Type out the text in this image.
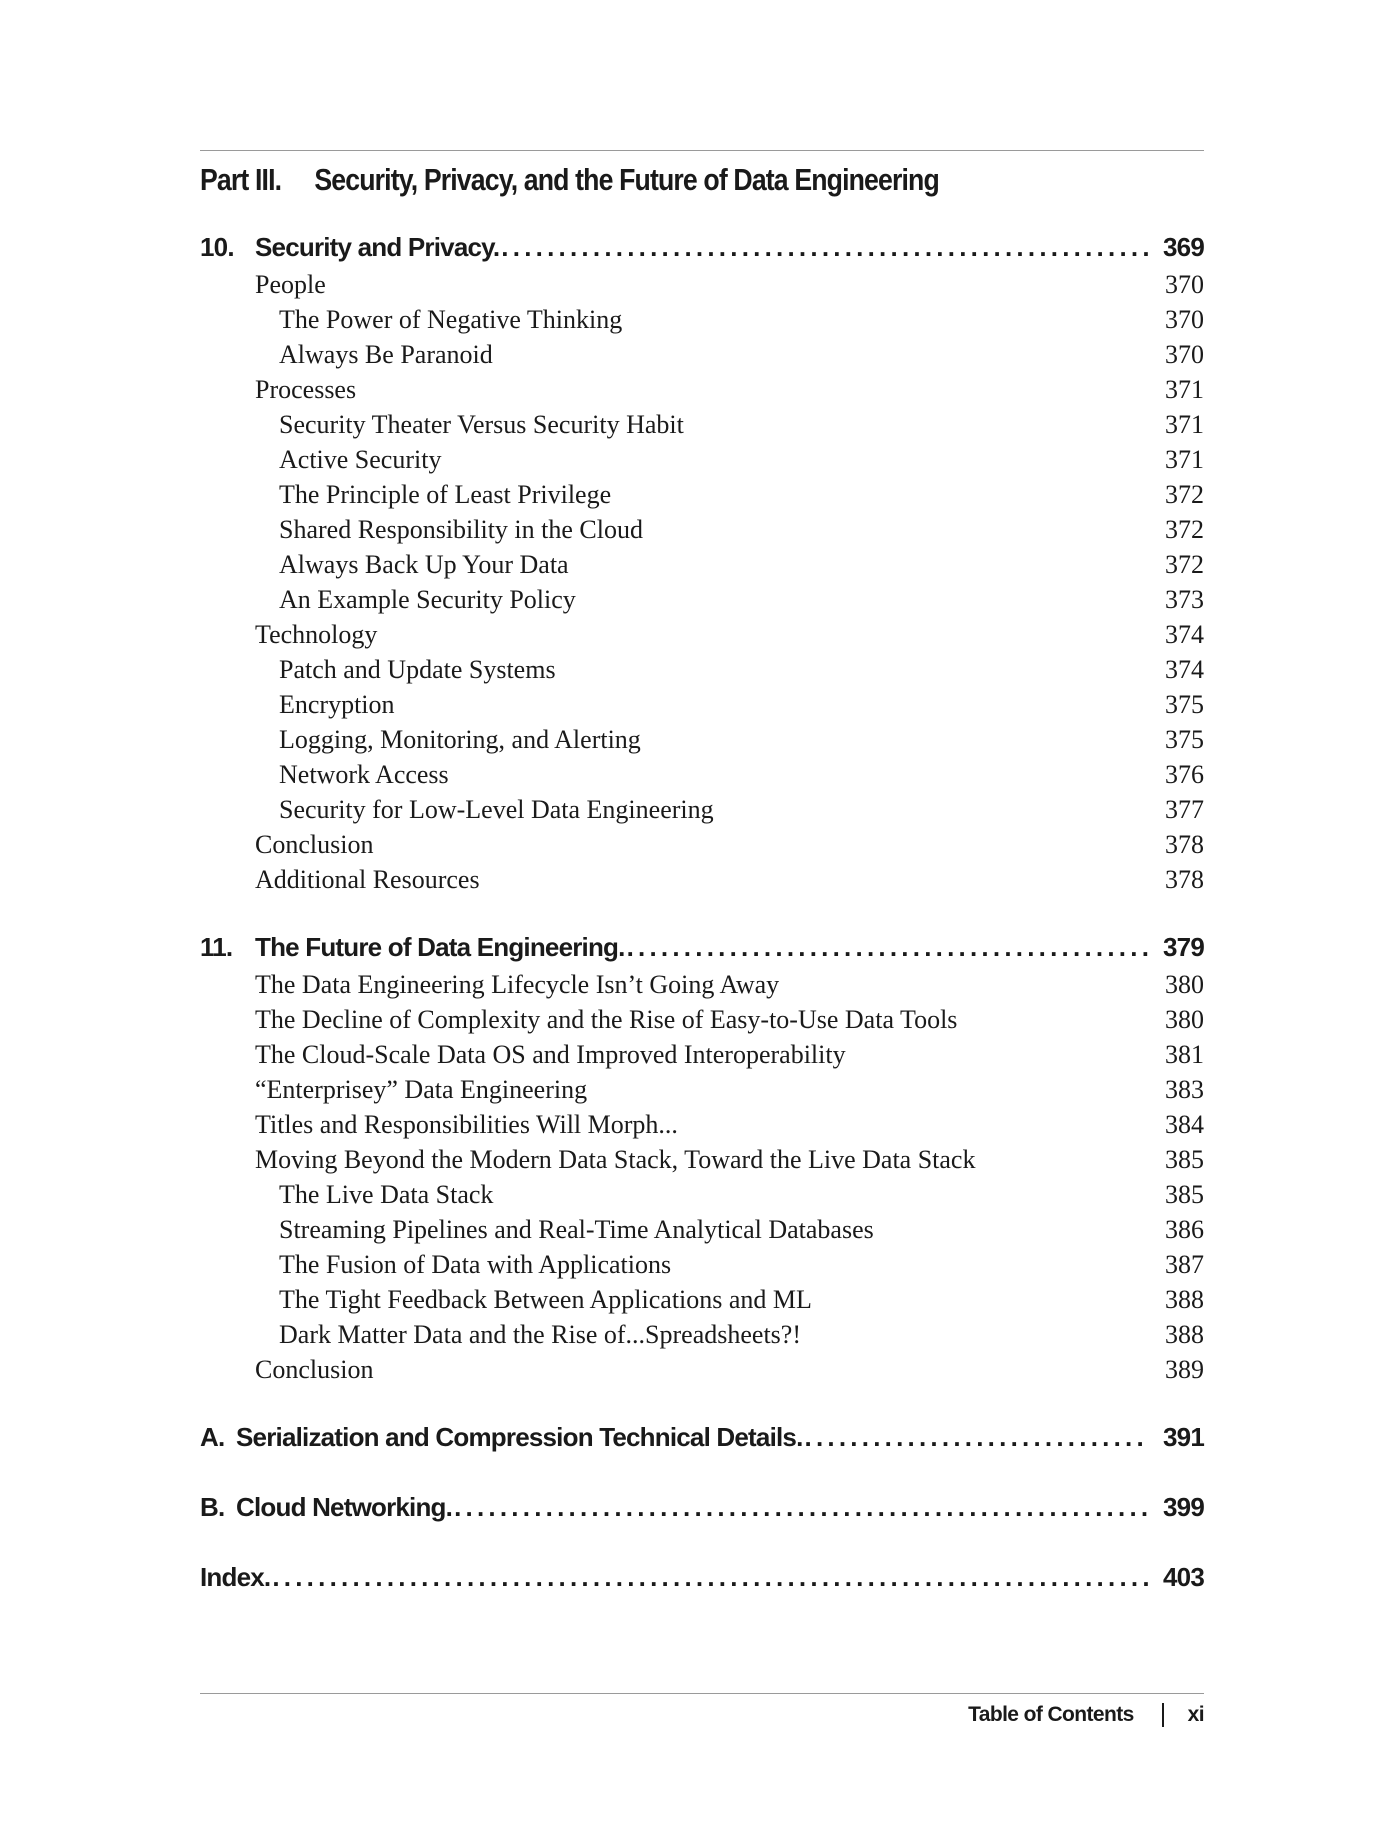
Part III. Security, Privacy, and the Future of Data Engineering
10. Security and Privacy. . . .	369
People	370
The Power of Negative Thinking	370
Always Be Paranoid	370
Processes	371
Security Theater Versus Security Habit	371
Active Security	371
The Principle of Least Privilege	372
Shared Responsibility in the Cloud	372
Always Back Up Your Data	372
An Example Security Policy	373
Technology	374
Patch and Update Systems	374
Encryption	375
Logging, Monitoring, and Alerting	375
Network Access	376
Security for Low-Level Data Engineering	377
Conclusion	378
Additional Resources	378
11. The Future of Data Engineering. . . .	379
The Data Engineering Lifecycle Isn’t Going Away	380
The Decline of Complexity and the Rise of Easy-to-Use Data Tools	380
The Cloud-Scale Data OS and Improved Interoperability	381
“Enterprisey” Data Engineering	383
Titles and Responsibilities Will Morph...	384
Moving Beyond the Modern Data Stack, Toward the Live Data Stack	385
The Live Data Stack	385
Streaming Pipelines and Real-Time Analytical Databases	386
The Fusion of Data with Applications	387
The Tight Feedback Between Applications and ML	388
Dark Matter Data and the Rise of...Spreadsheets?!	388
Conclusion	389
A. Serialization and Compression Technical Details. . . .	391
B. Cloud Networking. . . .	399
Index. . . .	403
Table of Contents	xi
